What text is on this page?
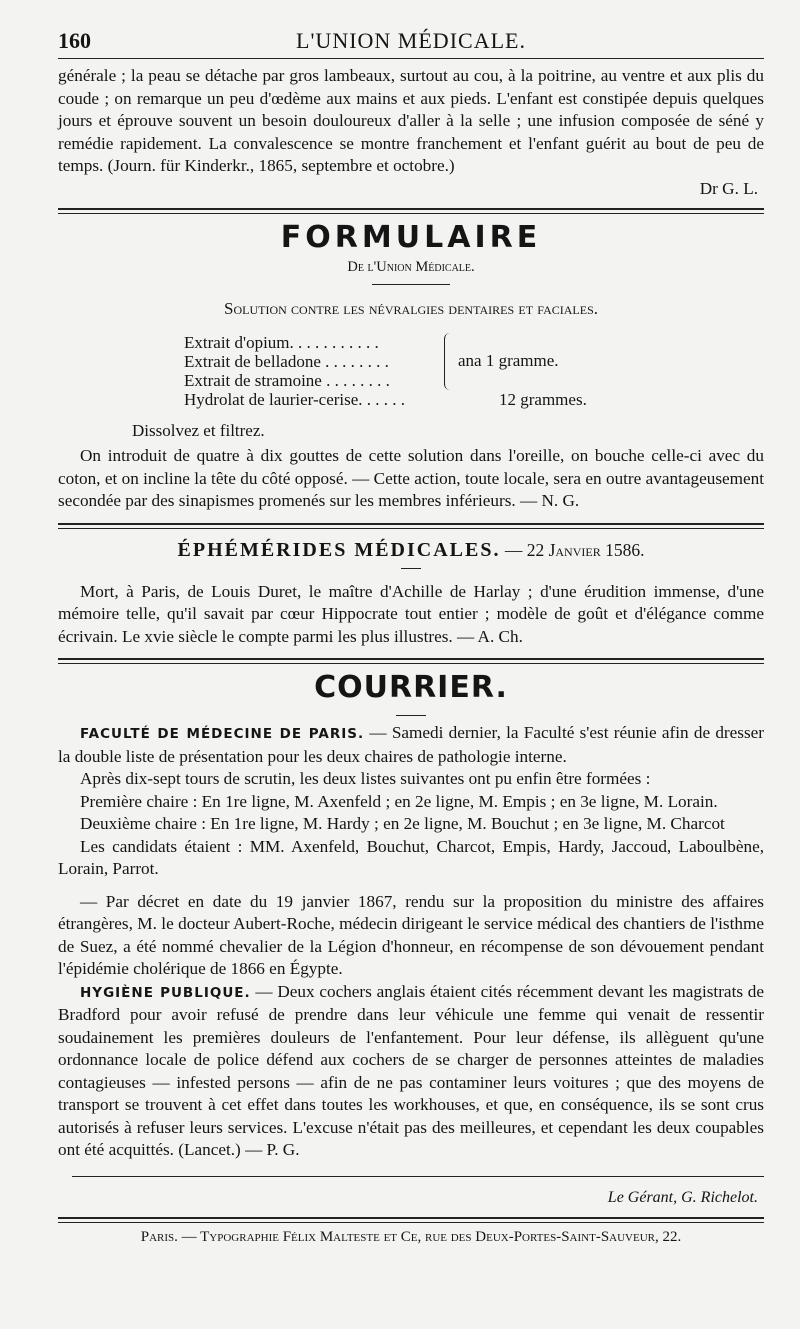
160	L'UNION MÉDICALE.

générale ; la peau se détache par gros lambeaux, surtout au cou, à la poitrine, au ventre et aux plis du coude ; on remarque un peu d'œdème aux mains et aux pieds. L'enfant est constipée depuis quelques jours et éprouve souvent un besoin douloureux d'aller à la selle ; une infusion composée de séné y remédie rapidement. La convalescence se montre franchement et l'enfant guérit au bout de peu de temps. (Journ. für Kinderkr., 1865, septembre et octobre.)

Dr G. L.

FORMULAIRE
De l'Union Médicale.
Solution contre les névralgies dentaires et faciales.
Extrait d'opium. . . . . . . . . . .
Extrait de belladone . . . . . . . .
Extrait de stramoine . . . . . . . .
ana 1 gramme.
Hydrolat de laurier-cerise. . . . . .	12 grammes.
Dissolvez et filtrez.

On introduit de quatre à dix gouttes de cette solution dans l'oreille, on bouche celle-ci avec du coton, et on incline la tête du côté opposé. — Cette action, toute locale, sera en outre avantageusement secondée par des sinapismes promenés sur les membres inférieurs. — N. G.

ÉPHÉMÉRIDES MÉDICALES. — 22 Janvier 1586.

Mort, à Paris, de Louis Duret, le maître d'Achille de Harlay ; d'une érudition immense, d'une mémoire telle, qu'il savait par cœur Hippocrate tout entier ; modèle de goût et d'élégance comme écrivain. Le xvie siècle le compte parmi les plus illustres. — A. Ch.

COURRIER.

FACULTÉ DE MÉDECINE DE PARIS. — Samedi dernier, la Faculté s'est réunie afin de dresser la double liste de présentation pour les deux chaires de pathologie interne.

Après dix-sept tours de scrutin, les deux listes suivantes ont pu enfin être formées :

Première chaire : En 1re ligne, M. Axenfeld ; en 2e ligne, M. Empis ; en 3e ligne, M. Lorain.

Deuxième chaire : En 1re ligne, M. Hardy ; en 2e ligne, M. Bouchut ; en 3e ligne, M. Charcot

Les candidats étaient : MM. Axenfeld, Bouchut, Charcot, Empis, Hardy, Jaccoud, Laboulbène, Lorain, Parrot.

— Par décret en date du 19 janvier 1867, rendu sur la proposition du ministre des affaires étrangères, M. le docteur Aubert-Roche, médecin dirigeant le service médical des chantiers de l'isthme de Suez, a été nommé chevalier de la Légion d'honneur, en récompense de son dévouement pendant l'épidémie cholérique de 1866 en Égypte.

HYGIÈNE PUBLIQUE. — Deux cochers anglais étaient cités récemment devant les magistrats de Bradford pour avoir refusé de prendre dans leur véhicule une femme qui venait de ressentir soudainement les premières douleurs de l'enfantement. Pour leur défense, ils allèguent qu'une ordonnance locale de police défend aux cochers de se charger de personnes atteintes de maladies contagieuses — infested persons — afin de ne pas contaminer leurs voitures ; que des moyens de transport se trouvent à cet effet dans toutes les workhouses, et que, en conséquence, ils se sont crus autorisés à refuser leurs services. L'excuse n'était pas des meilleures, et cependant les deux coupables ont été acquittés. (Lancet.) — P. G.

Le Gérant, G. Richelot.

Paris. — Typographie Félix Malteste et Ce, rue des Deux-Portes-Saint-Sauveur, 22.
